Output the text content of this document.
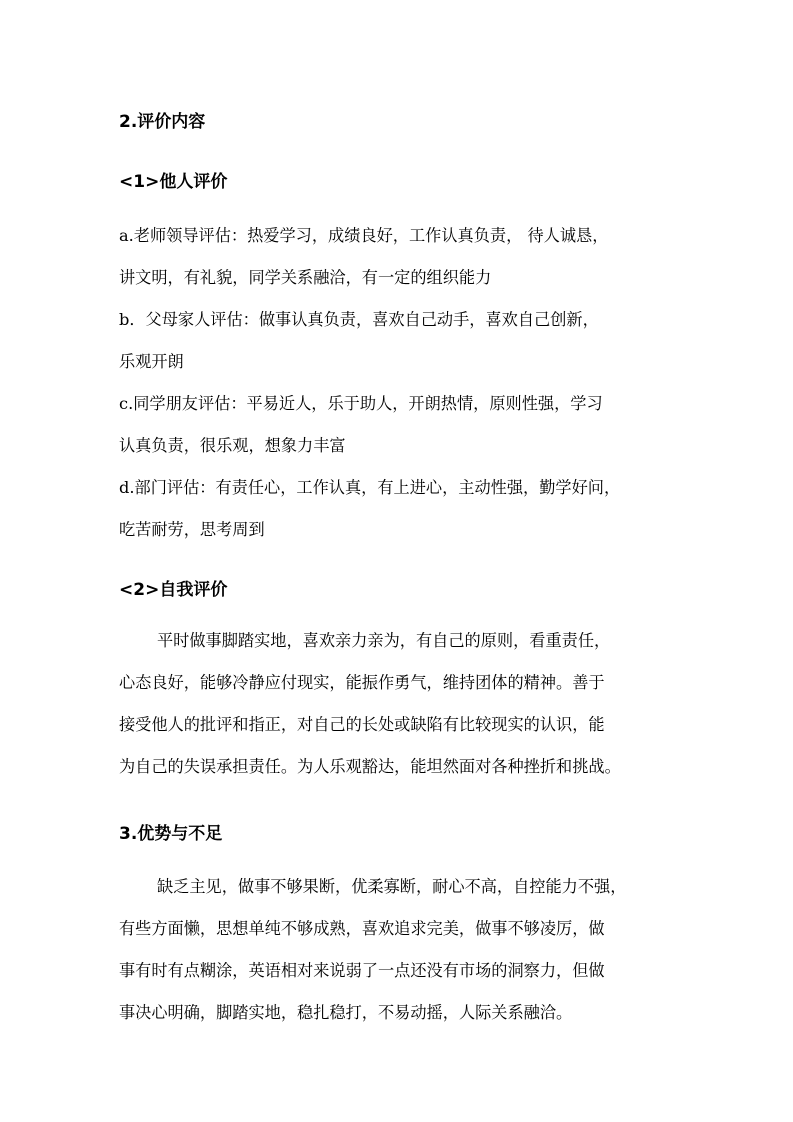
2.评价内容
<1>他人评价
a.老师领导评估：热爱学习，成绩良好，工作认真负责， 待人诚恳，
讲文明，有礼貌，同学关系融洽，有一定的组织能力
b．父母家人评估：做事认真负责，喜欢自己动手，喜欢自己创新，
乐观开朗
c.同学朋友评估：平易近人，乐于助人，开朗热情，原则性强，学习
认真负责，很乐观，想象力丰富
d.部门评估：有责任心，工作认真，有上进心，主动性强，勤学好问，
吃苦耐劳，思考周到
<2>自我评价
平时做事脚踏实地，喜欢亲力亲为，有自己的原则，看重责任，
心态良好，能够冷静应付现实，能振作勇气，维持团体的精神。善于
接受他人的批评和指正，对自己的长处或缺陷有比较现实的认识，能
为自己的失误承担责任。为人乐观豁达，能坦然面对各种挫折和挑战。
3.优势与不足
缺乏主见，做事不够果断，优柔寡断，耐心不高，自控能力不强，
有些方面懒，思想单纯不够成熟，喜欢追求完美，做事不够凌厉，做
事有时有点糊涂，英语相对来说弱了一点还没有市场的洞察力，但做
事决心明确，脚踏实地，稳扎稳打，不易动摇，人际关系融洽。
